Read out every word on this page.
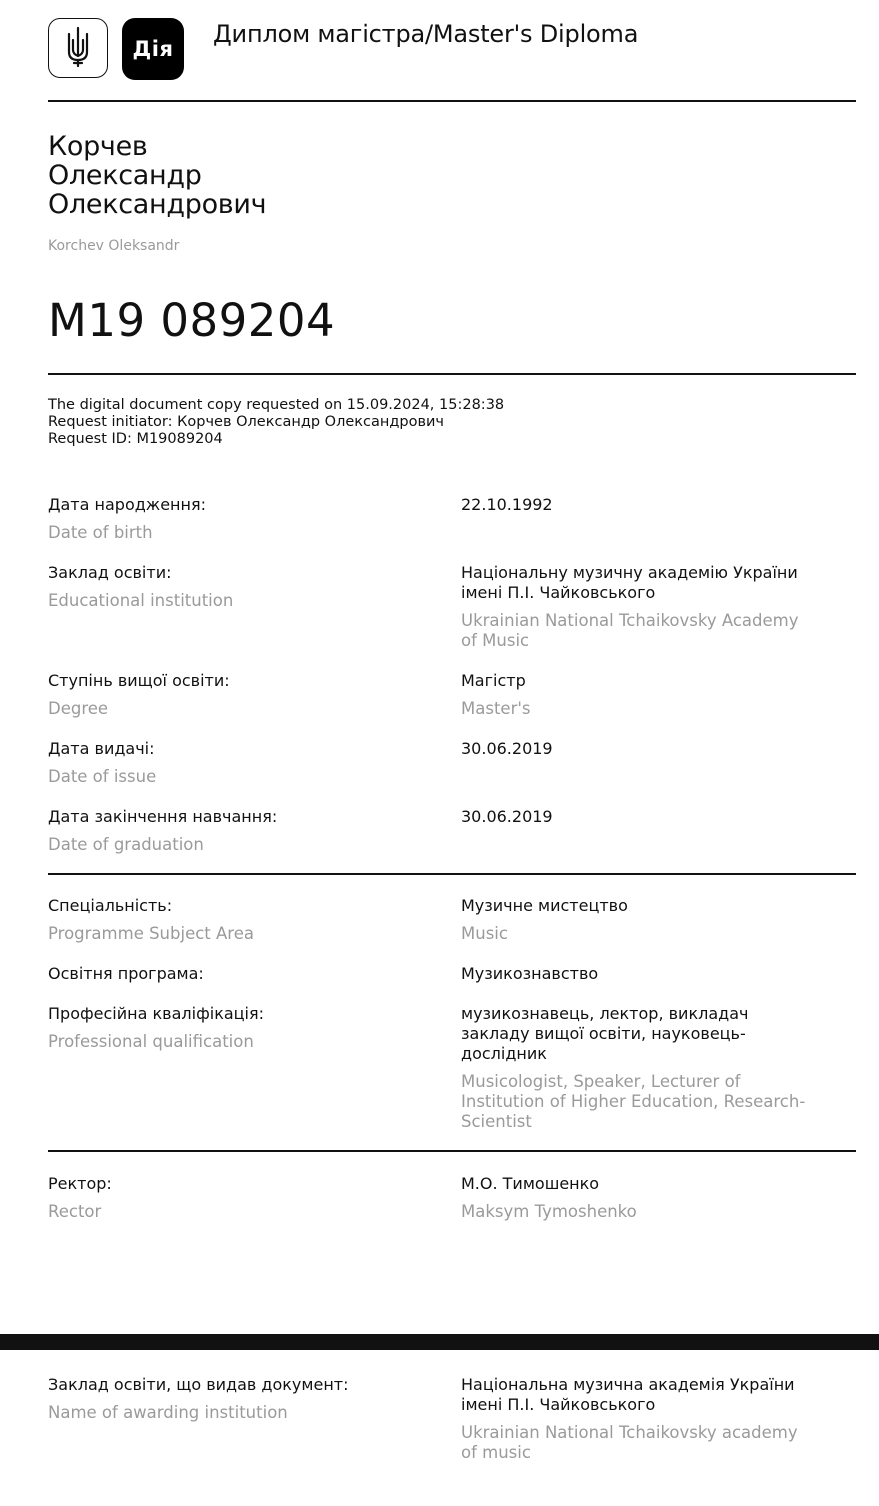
Дія
Диплом магістра/Master's Diploma
Корчев
Олександр
Олександрович
Korchev Oleksandr
M19 089204
The digital document copy requested on 15.09.2024, 15:28:38
Request initiator: Корчев Олександр Олександрович
Request ID: M19089204
Дата народження:
Date of birth
22.10.1992
Заклад освіти:
Educational institution
Національну музичну академію України
імені П.І. Чайковського
Ukrainian National Tchaikovsky Academy
of Music
Ступінь вищої освіти:
Degree
Магістр
Master's
Дата видачі:
Date of issue
30.06.2019
Дата закінчення навчання:
Date of graduation
30.06.2019
Спеціальність:
Programme Subject Area
Музичне мистецтво
Music
Освітня програма:	Музикознавство
Професійна кваліфікація:
Professional qualification
музикознавець, лектор, викладач
закладу вищої освіти, науковець-
дослідник
Musicologist, Speaker, Lecturer of
Institution of Higher Education, Research-
Scientist
Ректор:
Rector
М.О. Тимошенко
Maksym Tymoshenko
Заклад освіти, що видав документ:
Name of awarding institution
Національна музична академія України
імені П.І. Чайковського
Ukrainian National Tchaikovsky academy
of music
